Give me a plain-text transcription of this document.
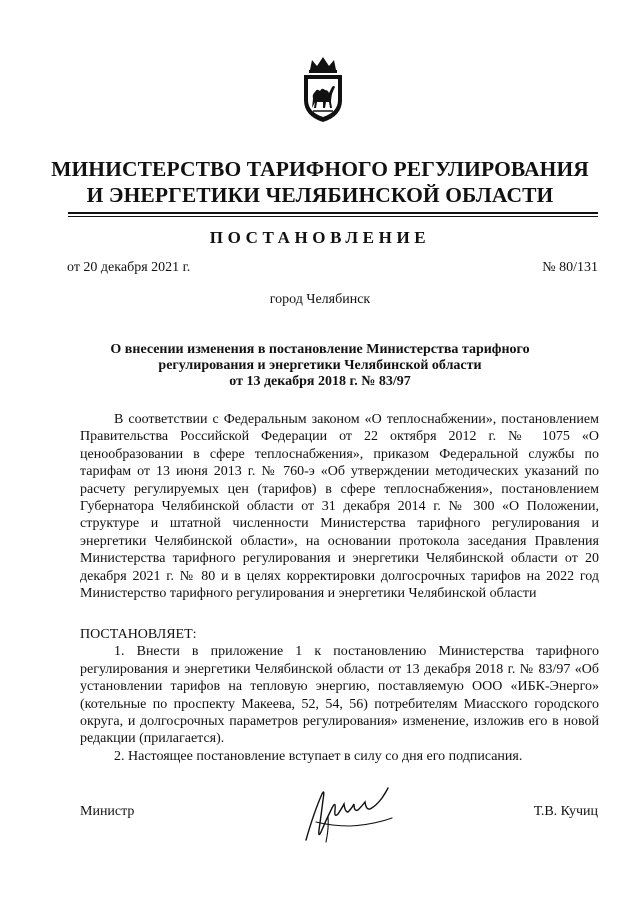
МИНИСТЕРСТВО ТАРИФНОГО РЕГУЛИРОВАНИЯ
И ЭНЕРГЕТИКИ ЧЕЛЯБИНСКОЙ ОБЛАСТИ
ПОСТАНОВЛЕНИЕ
от 20 декабря 2021 г.	№ 80/131
город Челябинск
О внесении изменения в постановление Министерства тарифного
регулирования и энергетики Челябинской области
от 13 декабря 2018 г. № 83/97

В соответствии с Федеральным законом «О теплоснабжении», постановлением Правительства Российской Федерации от 22 октября 2012 г. № 1075 «О ценообразовании в сфере теплоснабжения», приказом Федеральной службы по тарифам от 13 июня 2013 г. № 760-э «Об утверждении методических указаний по расчету регулируемых цен (тарифов) в сфере теплоснабжения», постановлением Губернатора Челябинской области от 31 декабря 2014 г. № 300 «О Положении, структуре и штатной численности Министерства тарифного регулирования и энергетики Челябинской области», на основании протокола заседания Правления Министерства тарифного регулирования и энергетики Челябинской области от 20 декабря 2021 г. № 80 и в целях корректировки долгосрочных тарифов на 2022 год Министерство тарифного регулирования и энергетики Челябинской области

ПОСТАНОВЛЯЕТ:

1. Внести в приложение 1 к постановлению Министерства тарифного регулирования и энергетики Челябинской области от 13 декабря 2018 г. № 83/97 «Об установлении тарифов на тепловую энергию, поставляемую ООО «ИБК-Энерго» (котельные по проспекту Макеева, 52, 54, 56) потребителям Миасского городского округа, и долгосрочных параметров регулирования» изменение, изложив его в новой редакции (прилагается).

2. Настоящее постановление вступает в силу со дня его подписания.

Министр	Т.В. Кучиц
